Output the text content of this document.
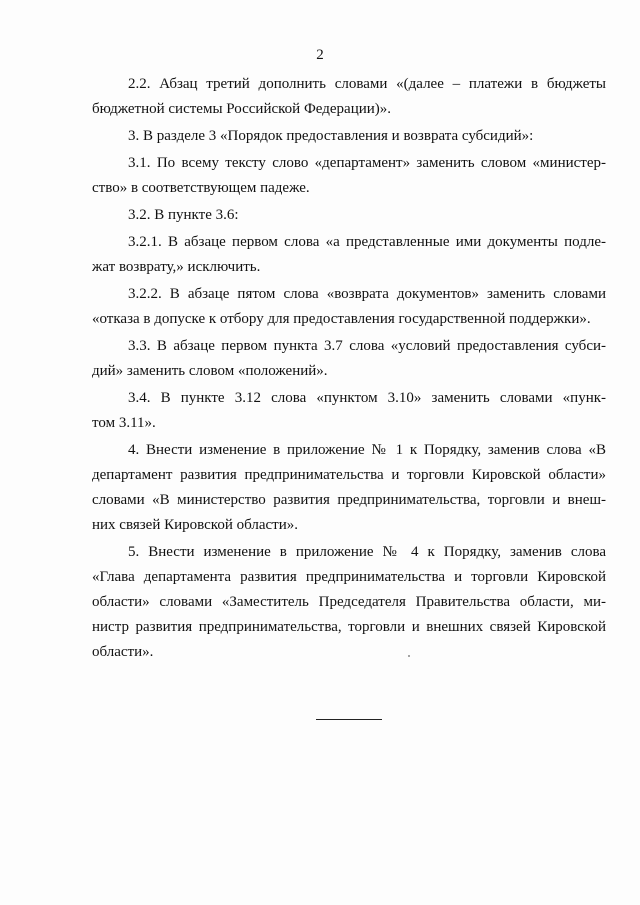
2
2.2. Абзац третий дополнить словами «(далее – платежи в бюджеты
бюджетной системы Российской Федерации)».
3. В разделе 3 «Порядок предоставления и возврата субсидий»:
3.1. По всему тексту слово «департамент» заменить словом «министер-
ство» в соответствующем падеже.
3.2. В пункте 3.6:
3.2.1. В абзаце первом слова «а представленные ими документы подле-
жат возврату,» исключить.
3.2.2. В абзаце пятом слова «возврата документов» заменить словами
«отказа в допуске к отбору для предоставления государственной поддержки».
3.3. В абзаце первом пункта 3.7 слова «условий предоставления субси-
дий» заменить словом «положений».
3.4. В пункте 3.12 слова «пунктом 3.10» заменить словами «пунк-
том 3.11».
4. Внести изменение в приложение № 1 к Порядку, заменив слова «В
департамент развития предпринимательства и торговли Кировской области»
словами «В министерство развития предпринимательства, торговли и внеш-
них связей Кировской области».
5. Внести изменение в приложение № 4 к Порядку, заменив слова
«Глава департамента развития предпринимательства и торговли Кировской
области» словами «Заместитель Председателя Правительства области, ми-
нистр развития предпринимательства, торговли и внешних связей Кировской
области».
